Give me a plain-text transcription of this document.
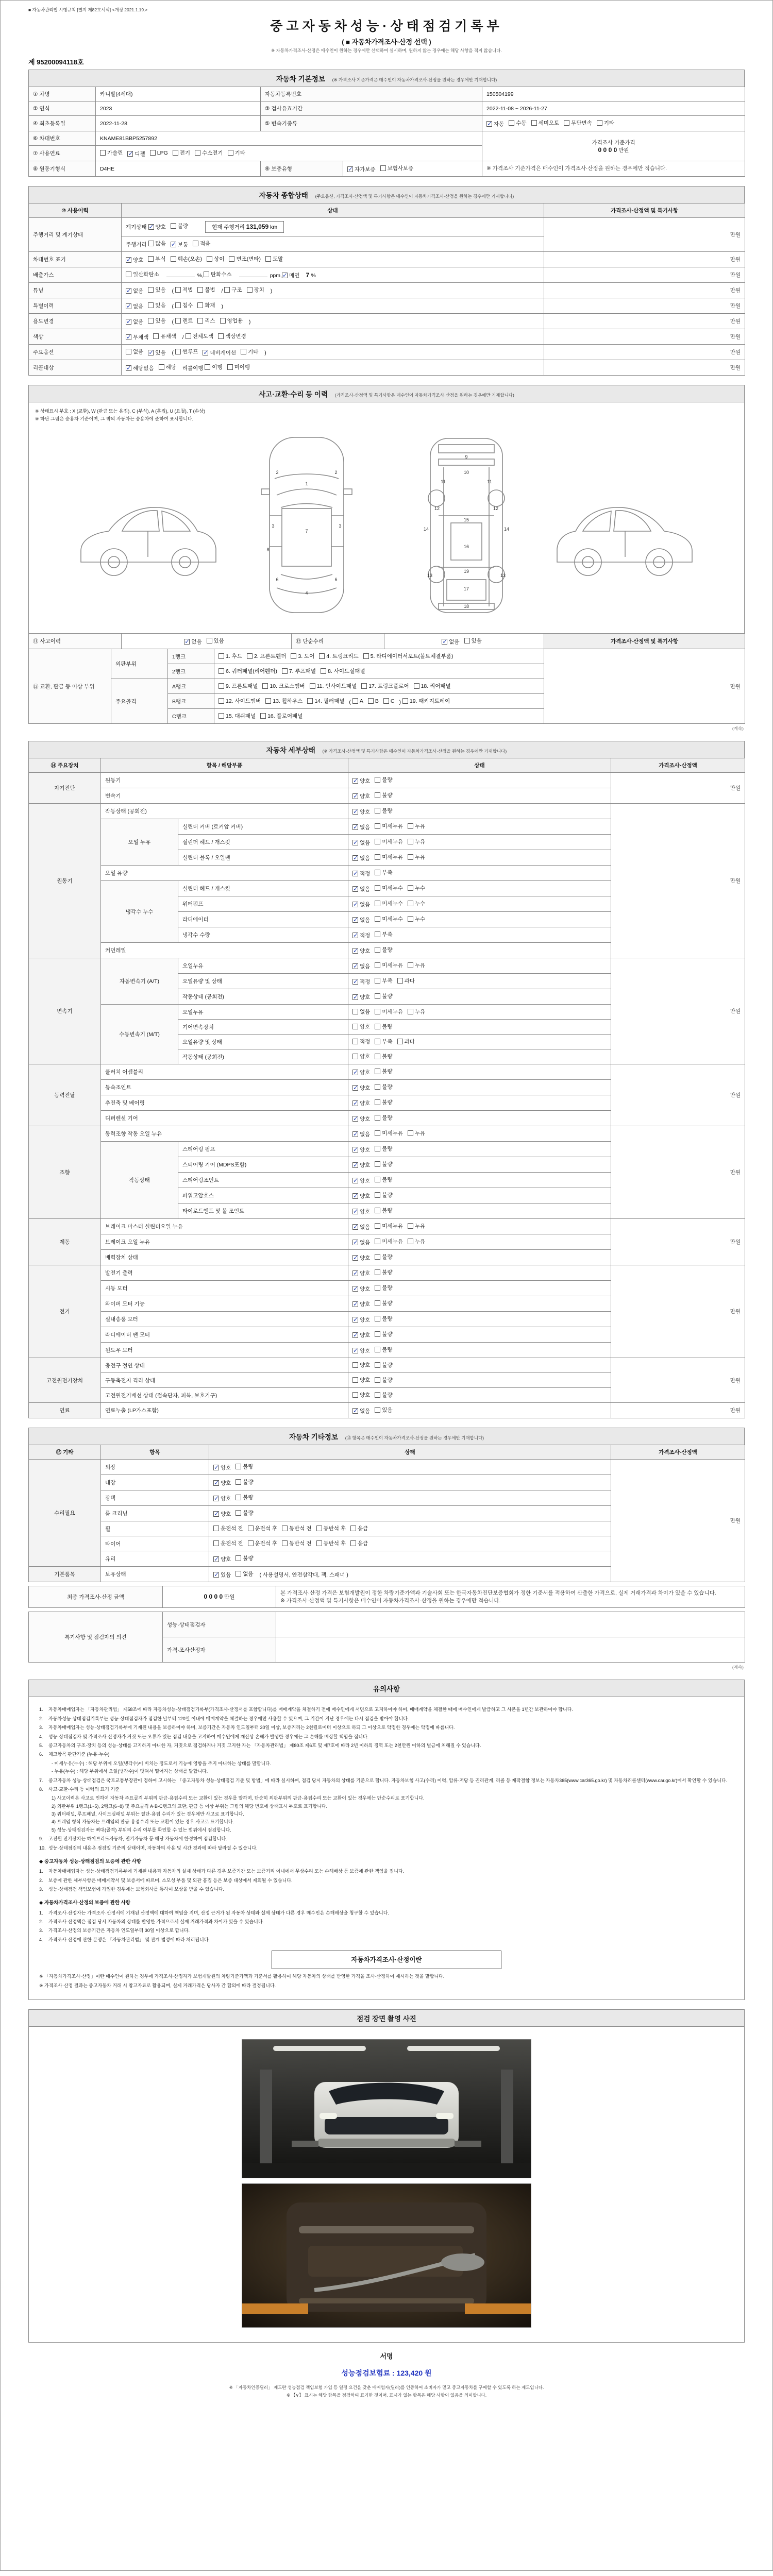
■ 자동차관리법 시행규칙 [별지 제82호서식] <개정 2021.1.19.>
중고자동차성능·상태점검기록부
( ■ 자동차가격조사·산정 선택 )
※ 자동차가격조사·산정은 매수인이 원하는 경우에만 선택하여 실시하며, 원하지 않는 경우에는 해당 사항을 적지 않습니다.
제 95200094118호
자동차 기본정보 (※ 가격조사 기준가격은 매수인이 자동차가격조사·산정을 원하는 경우에만 기재합니다)
① 차명	카니발(4세대)	자동차등록번호		150504199
② 연식	2023	③ 검사유효기간		2022-11-08 ~ 2026-11-27
④ 최초등록일	2022-11-28	⑤ 변속기종류	✓ 자동 수동 세미오토 무단변속 기타

⑥ 차대번호	KNAME81BBP5257892			가격조사 기준가격
0 0 0 0 만원
⑦ 사용연료	가솔린 ✓ 디젤 LPG 전기 수소전기 기타

⑧ 원동기형식	D4HE	⑨ 보증유형	✓ 자가보증 보험사보증	※ 가격조사 기준가격은 매수인이 가격조사·산정을 원하는 경우에만 적습니다.
자동차 종합상태 (주요옵션, 가격조사·산정액 및 특기사항은 매수인이 자동차가격조사·산정을 원하는 경우에만 기재합니다)
⑩ 사용이력	상태	가격조사·산정액 및 특기사항
주행거리 및 계기상태	계기상태 ✓ 양호 불량 현재 주행거리 131,059 km	만원
	주행거리 많음 ✓ 보통 적음	

차대번호 표기	✓ 양호 부식 훼손(오손) 상이 변조(변타) 도말	만원
배출가스	일산화탄소	%, 탄화수소	ppm, ✓ 매연 7 %	만원
튜닝	✓ 없음 있음 ( 적법 불법 / 구조 장치 )	만원
특별이력	✓ 없음 있음 ( 침수 화재 )	만원
용도변경	✓ 없음 있음 ( 렌트 리스 영업용 )	만원
색상	✓ 무채색 유채색 / 전체도색 색상변경	만원
주요옵션	없음 ✓ 있음 ( 썬루프 ✓ 네비게이션 기타 )	만원
리콜대상	✓ 해당없음 해당 리콜이행 이행 미이행	만원
사고·교환·수리 등 이력 (가격조사·산정액 및 특기사항은 매수인이 자동차가격조사·산정을 원하는 경우에만 기재합니다)
※ 상태표시 부호 : X (교환), W (판금 또는 용접), C (부식), A (흠집), U (요철), T (손상)
※ 하단 그림은 승용차 기준이며, 그 밖의 자동차는 승용차에 준하여 표시합니다.
2	2
1
3	3
7
8
6	6
4
9
10
11	11
15
12	12
14	14
16
13	13
19
17
18
⑪ 사고이력	✓ 없음 있음	⑫ 단순수리	✓ 없음 있음	가격조사·산정액 및 특기사항
⑬ 교환, 판금 등 이상 부위	외판부위	1랭크	1. 후드 2. 프론트휀더 3. 도어 4. 트렁크리드 5. 라디에이터서포트(볼트체결부품)	만원
		2랭크	6. 쿼터패널(리어휀더) 7. 루프패널 8. 사이드실패널	

	주요골격	A랭크	9. 프론트패널 10. 크로스멤버 11. 인사이드패널 17. 트렁크플로어 18. 리어패널	

B랭크	12. 사이드멤버 13. 휠하우스 14. 필러패널 ( A B C ) 19. 패키지트레이

		C랭크	15. 대쉬패널 16. 플로어패널	
(계속)
자동차 세부상태 (※ 가격조사·산정액 및 특기사항은 매수인이 자동차가격조사·산정을 원하는 경우에만 기재합니다)
⑭ 주요장치	항목 / 해당부품		상태	가격조사·산정액
자기진단	원동기		✓ 양호 불량	만원
	변속기		✓ 양호 불량	

원동기	작동상태 (공회전)		✓ 양호 불량	만원
	오일 누유	실린더 커버 (로커암 커버)	✓ 없음 미세누유 누유	

		실린더 헤드 / 개스킷	✓ 없음 미세누유 누유	

		실린더 블록 / 오일팬	✓ 없음 미세누유 누유	

	오일 유량		✓ 적정 부족	

	냉각수 누수	실린더 헤드 / 개스킷	✓ 없음 미세누수 누수	

		워터펌프	✓ 없음 미세누수 누수	

		라디에이터	✓ 없음 미세누수 누수	

		냉각수 수량	✓ 적정 부족	

	커먼레일		✓ 양호 불량	

변속기	자동변속기 (A/T)	오일누유	✓ 없음 미세누유 누유	만원
		오일유량 및 상태	✓ 적정 부족 과다	

		작동상태 (공회전)	✓ 양호 불량	

	수동변속기 (M/T)	오일누유	없음 미세누유 누유	

		기어변속장치	양호 불량	

		오일유량 및 상태	적정 부족 과다	

		작동상태 (공회전)	양호 불량	

동력전달	클러치 어셈블리		✓ 양호 불량	만원
	등속조인트		✓ 양호 불량	

	추진축 및 베어링		✓ 양호 불량	

	디퍼렌셜 기어		✓ 양호 불량	

조향	동력조향 작동 오일 누유		✓ 없음 미세누유 누유	만원
	작동상태	스티어링 펌프	✓ 양호 불량	

		스티어링 기어 (MDPS포함)	✓ 양호 불량	

		스티어링조인트	✓ 양호 불량	

		파워고압호스	✓ 양호 불량	

		타이로드엔드 및 볼 조인트	✓ 양호 불량	

제동	브레이크 마스터 실린더오일 누유		✓ 없음 미세누유 누유	만원
	브레이크 오일 누유		✓ 없음 미세누유 누유	

	배력장치 상태		✓ 양호 불량	

전기	발전기 출력		✓ 양호 불량	만원
	시동 모터		✓ 양호 불량	

	와이퍼 모터 기능		✓ 양호 불량	

	실내송풍 모터		✓ 양호 불량	

	라디에이터 팬 모터		✓ 양호 불량	

	윈도우 모터		✓ 양호 불량	

고전원전기장치	충전구 절연 상태		양호 불량	만원
	구동축전지 격리 상태		양호 불량	

	고전원전기배선 상태 (접속단자, 피복, 보호기구)		양호 불량	

연료	연료누출 (LP가스포함)		✓ 없음 있음	만원
자동차 기타정보 (⑮ 항목은 매수인이 자동차가격조사·산정을 원하는 경우에만 기재합니다)
⑮ 기타	항목	상태	가격조사·산정액
수리필요	외장	✓ 양호 불량	만원
	내장	✓ 양호 불량	

	광택	✓ 양호 불량	

	룸 크리닝	✓ 양호 불량	

	휠	운전석 전 운전석 후 동반석 전 동반석 후 응급	

	타이어	운전석 전 운전석 후 동반석 전 동반석 후 응급	

	유리	✓ 양호 불량	

기본품목	보유상태	✓ 있음 없음 ( 사용설명서, 안전삼각대, 잭, 스패너 )	
최종 가격조사·산정 금액	0 0 0 0 만원	본 가격조사·산정 가격은 보험개발원이 정한 차량기준가액과 기술사회 또는 한국자동차진단보증협회가 정한 기준서를 적용하여 산출한 가격으로, 실제 거래가격과 차이가 있을 수 있습니다.
※ 가격조사·산정액 및 특기사항은 매수인이 자동차가격조사·산정을 원하는 경우에만 적습니다.
특기사항 및 점검자의 의견	성능·상태점검자	
	가격·조사산정자	
(계속)
유의사항
1.	자동차매매업자는 「자동차관리법」 제58조에 따라 자동차성능·상태점검기록부(가격조사·산정서를 포함합니다)를 매매계약을 체결하기 전에 매수인에게 서면으로 고지하여야 하며, 매매계약을 체결한 때에 매수인에게 발급하고 그 사본을 1년간 보관하여야 합니다.
2.	자동차성능·상태점검기록부는 성능·상태점검자가 점검한 날부터 120일 이내에 매매계약을 체결하는 경우에만 사용할 수 있으며, 그 기간이 지난 경우에는 다시 점검을 받아야 합니다.
3.	자동차매매업자는 성능·상태점검기록부에 기재된 내용을 보증하여야 하며, 보증기간은 자동차 인도일부터 30일 이상, 보증거리는 2천킬로미터 이상으로 하되 그 이상으로 약정한 경우에는 약정에 따릅니다.
4.	성능·상태점검자 및 가격조사·산정자가 거짓 또는 오류가 있는 점검 내용을 고지하여 매수인에게 재산상 손해가 발생한 경우에는 그 손해를 배상할 책임을 집니다.
5.	중고자동차의 구조·장치 등의 성능·상태를 고지하지 아니한 자, 거짓으로 점검하거나 거짓 고지한 자는 「자동차관리법」 제80조 제6호 및 제7호에 따라 2년 이하의 징역 또는 2천만원 이하의 벌금에 처해질 수 있습니다.
6.	체크항목 판단기준 (누유·누수)
- 미세누유(누수) : 해당 부위에 오일(냉각수)이 비치는 정도로서 기능에 영향을 주지 아니하는 상태를 말합니다.
- 누유(누수) : 해당 부위에서 오일(냉각수)이 맺혀서 떨어지는 상태를 말합니다.
7.	중고자동차 성능·상태점검은 국토교통부장관이 정하여 고시하는 「중고자동차 성능·상태점검 기준 및 방법」에 따라 실시하며, 점검 당시 자동차의 상태를 기준으로 합니다. 자동차보험 사고(수리) 이력, 압류·저당 등 권리관계, 리콜 등 제작결함 정보는 자동차365(www.car365.go.kr) 및 자동차리콜센터(www.car.go.kr)에서 확인할 수 있습니다.
8.	사고·교환·수리 등 이력의 표기 기준
1) 사고이력은 사고로 인하여 자동차 주요골격 부위의 판금·용접수리 또는 교환이 있는 경우를 말하며, 단순히 외판부위의 판금·용접수리 또는 교환이 있는 경우에는 단순수리로 표기합니다.
2) 외판부위 1랭크(1~5), 2랭크(6~8) 및 주요골격 A·B·C랭크의 교환, 판금 등 이상 부위는 그림의 해당 번호에 상태표시 부호로 표기합니다.
3) 쿼터패널, 루프패널, 사이드실패널 부위는 절단·용접 수리가 있는 경우에만 사고로 표기합니다.
4) 프레임 형식 자동차는 프레임의 판금·용접수리 또는 교환이 있는 경우 사고로 표기합니다.
5) 성능·상태점검자는 뼈대(골격) 부위의 수리 여부를 확인할 수 있는 범위에서 점검합니다.
9.	고전원 전기장치는 하이브리드자동차, 전기자동차 등 해당 자동차에 한정하여 점검합니다.
10. 성능·상태점검의 내용은 점검일 기준의 상태이며, 자동차의 사용 및 시간 경과에 따라 달라질 수 있습니다.
◆ 중고자동차 성능·상태점검의 보증에 관한 사항
1.	자동차매매업자는 성능·상태점검기록부에 기재된 내용과 자동차의 실제 상태가 다른 경우 보증기간 또는 보증거리 이내에서 무상수리 또는 손해배상 등 보증에 관한 책임을 집니다.
2.	보증에 관한 세부사항은 매매계약서 및 보증서에 따르며, 소모성 부품 및 외관 흠집 등은 보증 대상에서 제외될 수 있습니다.
3.	성능·상태점검 책임보험에 가입한 경우에는 보험회사를 통하여 보상을 받을 수 있습니다.
◆ 자동차가격조사·산정의 보증에 관한 사항
1.	가격조사·산정자는 가격조사·산정서에 기재된 산정액에 대하여 책임을 지며, 산정 근거가 된 자동차 상태와 실제 상태가 다른 경우 매수인은 손해배상을 청구할 수 있습니다.
2.	가격조사·산정액은 점검 당시 자동차의 상태를 반영한 가격으로서 실제 거래가격과 차이가 있을 수 있습니다.
3.	가격조사·산정의 보증기간은 자동차 인도일부터 30일 이상으로 합니다.
4.	가격조사·산정에 관한 분쟁은 「자동차관리법」 및 관계 법령에 따라 처리됩니다.
자동차가격조사·산정이란
※ 「자동차가격조사·산정」이란 매수인이 원하는 경우에 가격조사·산정자가 보험개발원의 차량기준가액과 기준서를 활용하여 해당 자동차의 상태를 반영한 가격을 조사·산정하여 제시하는 것을 말합니다.
※ 가격조사·산정 결과는 중고자동차 거래 시 참고자료로 활용되며, 실제 거래가격은 당사자 간 합의에 따라 결정됩니다.
점검 장면 촬영 사진
서명
성능점검보험료 : 123,420 원
※ 「자동차인증딜러」 제도란 성능점검 책임보험 가입 등 일정 요건을 갖춘 매매업자(딜러)를 인증하여 소비자가 믿고 중고자동차를 구매할 수 있도록 하는 제도입니다.
※ 【∨】 표시는 해당 항목을 점검하여 표기한 것이며, 표시가 없는 항목은 해당 사항이 없음을 의미합니다.
